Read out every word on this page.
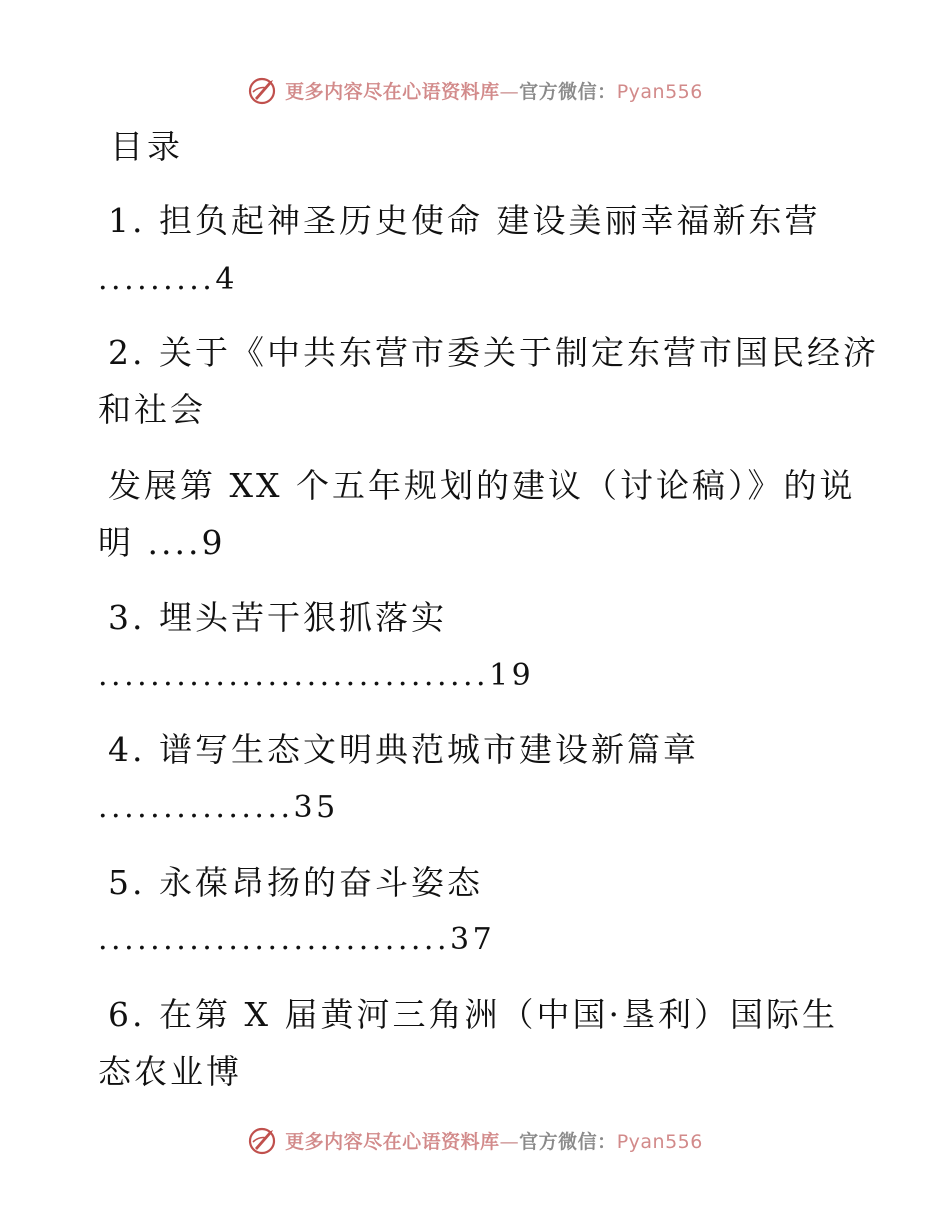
更多内容尽在心语资料库—官方微信：Pyan556
目录
1. 担负起神圣历史使命 建设美丽幸福新东营
.........4
2. 关于《中共东营市委关于制定东营市国民经济
和社会
发展第 XX 个五年规划的建议（讨论稿）》的说
明 ....9
3. 埋头苦干狠抓落实
..............................19
4. 谱写生态文明典范城市建设新篇章
...............35
5. 永葆昂扬的奋斗姿态
...........................37
6. 在第 X 届黄河三角洲（中国·垦利）国际生
态农业博
更多内容尽在心语资料库—官方微信：Pyan556
